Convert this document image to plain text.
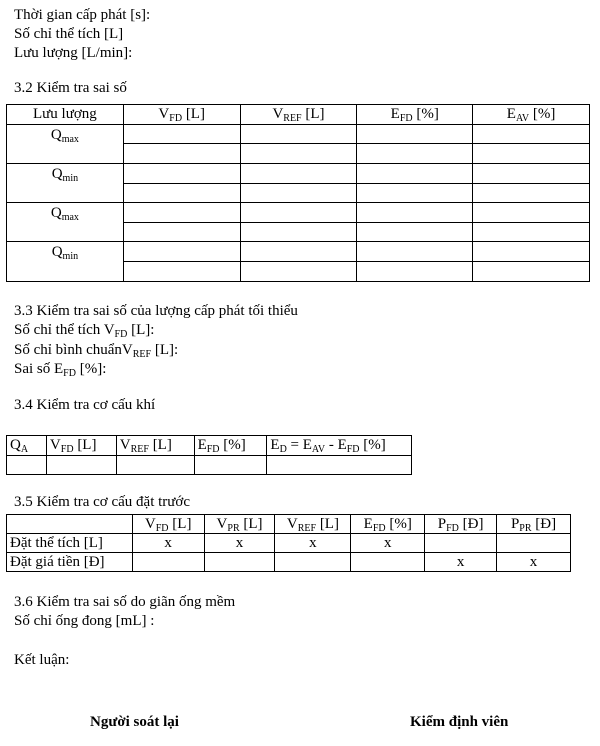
Thời gian cấp phát [s]:
Số chỉ thể tích [L]
Lưu lượng [L/min]:
3.2 Kiểm tra sai số
Lưu lượng	$V_{FD}$ [L]	$V_{REF}$ [L]	$E_{FD}$ [%]	$E_{AV}$ [%]
$Q_{max}$				

$Q_{min}$				

$Q_{max}$				

$Q_{min}$				

3.3 Kiểm tra sai số của lượng cấp phát tối thiểu
Số chỉ thể tích $V_{FD}$ [L]:
Số chỉ bình chuẩnV$_{REF}$ [L]:
Sai số $E_{FD}$ [%]:
3.4 Kiểm tra cơ cấu khí
$Q_A$	$V_{FD}$ [L]	$V_{REF}$ [L]	$E_{FD}$ [%]	$E_D = E_{AV} - E_{FD}$ [%]

3.5 Kiểm tra cơ cấu đặt trước
	$V_{FD}$ [L]	$V_{PR}$ [L]	$V_{REF}$ [L]	$E_{FD}$ [%]	$P_{FD}$ [Đ]	$P_{PR}$ [Đ]
Đặt thể tích [L]	x	x	x	x		
Đặt giá tiền [Đ]					x	x
3.6 Kiểm tra sai số do giãn ống mềm
Số chỉ ống đong [mL] :
Kết luận:
Người soát lại	Kiểm định viên
